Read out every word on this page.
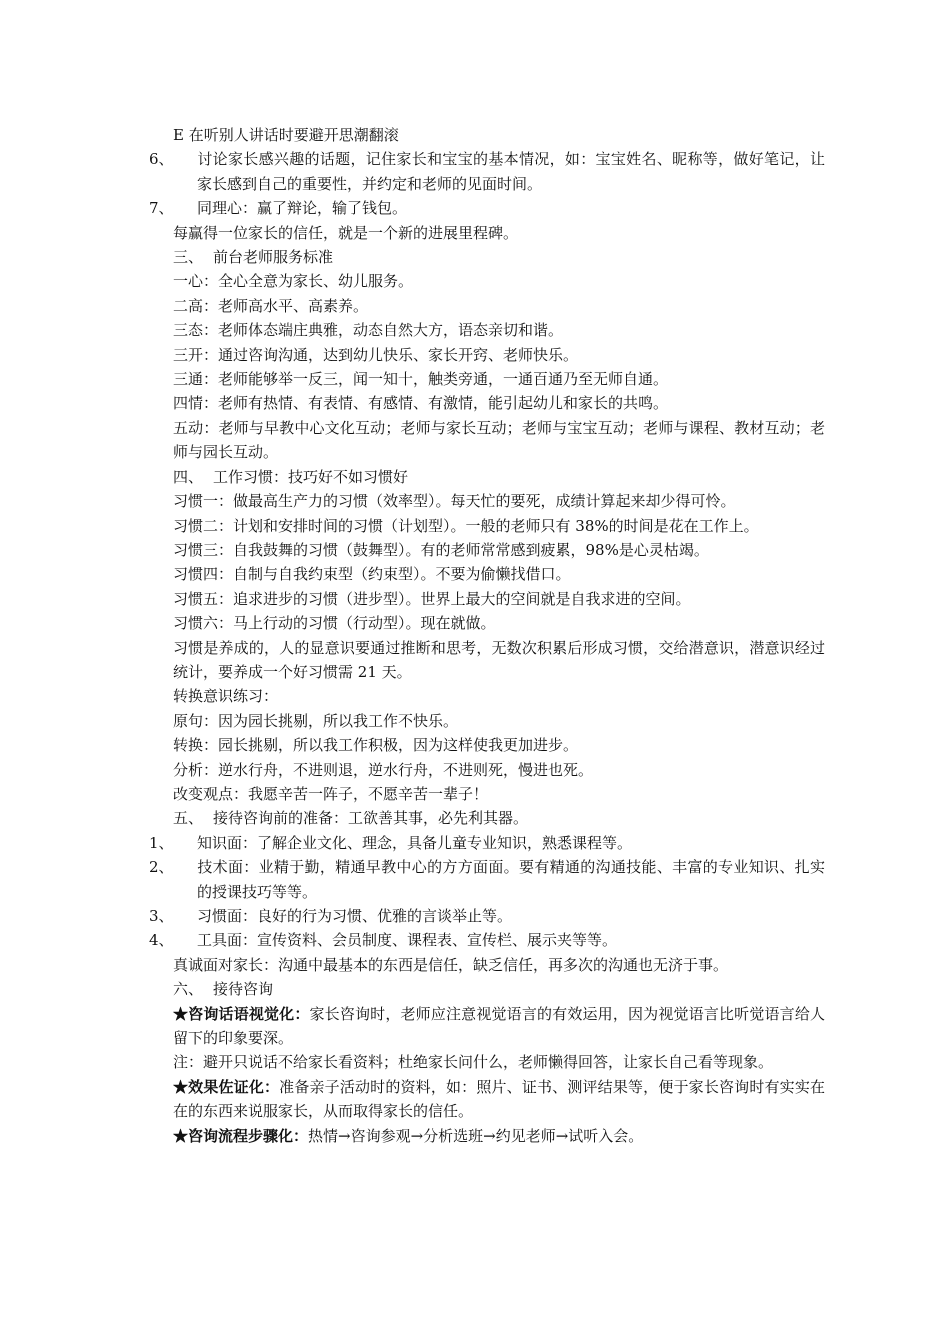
E 在听别人讲话时要避开思潮翻滚

6、 讨论家长感兴趣的话题，记住家长和宝宝的基本情况，如：宝宝姓名、昵称等，做好笔记，让家长感到自己的重要性，并约定和老师的见面时间。

7、 同理心：赢了辩论，输了钱包。

每赢得一位家长的信任，就是一个新的进展里程碑。

三、 前台老师服务标准

一心：全心全意为家长、幼儿服务。

二高：老师高水平、高素养。

三态：老师体态端庄典雅，动态自然大方，语态亲切和谐。

三开：通过咨询沟通，达到幼儿快乐、家长开窍、老师快乐。

三通：老师能够举一反三，闻一知十，触类旁通，一通百通乃至无师自通。

四情：老师有热情、有表情、有感情、有激情，能引起幼儿和家长的共鸣。

五动：老师与早教中心文化互动；老师与家长互动；老师与宝宝互动；老师与课程、教材互动；老师与园长互动。

四、 工作习惯：技巧好不如习惯好

习惯一：做最高生产力的习惯（效率型）。每天忙的要死，成绩计算起来却少得可怜。

习惯二：计划和安排时间的习惯（计划型）。一般的老师只有 38%的时间是花在工作上。

习惯三：自我鼓舞的习惯（鼓舞型）。有的老师常常感到疲累，98%是心灵枯竭。

习惯四：自制与自我约束型（约束型）。不要为偷懒找借口。

习惯五：追求进步的习惯（进步型）。世界上最大的空间就是自我求进的空间。

习惯六：马上行动的习惯（行动型）。现在就做。

习惯是养成的，人的显意识要通过推断和思考，无数次积累后形成习惯，交给潜意识，潜意识经过统计，要养成一个好习惯需 21 天。

转换意识练习：

原句：因为园长挑剔，所以我工作不快乐。

转换：园长挑剔，所以我工作积极，因为这样使我更加进步。

分析：逆水行舟，不进则退，逆水行舟，不进则死，慢进也死。

改变观点：我愿辛苦一阵子，不愿辛苦一辈子！

五、 接待咨询前的准备：工欲善其事，必先利其器。

1、 知识面：了解企业文化、理念，具备儿童专业知识，熟悉课程等。

2、 技术面：业精于勤，精通早教中心的方方面面。要有精通的沟通技能、丰富的专业知识、扎实的授课技巧等等。

3、 习惯面：良好的行为习惯、优雅的言谈举止等。

4、 工具面：宣传资料、会员制度、课程表、宣传栏、展示夹等等。

真诚面对家长：沟通中最基本的东西是信任，缺乏信任，再多次的沟通也无济于事。

六、 接待咨询

★咨询话语视觉化：家长咨询时，老师应注意视觉语言的有效运用，因为视觉语言比听觉语言给人留下的印象要深。

注：避开只说话不给家长看资料；杜绝家长问什么，老师懒得回答，让家长自己看等现象。

★效果佐证化：准备亲子活动时的资料，如：照片、证书、测评结果等，便于家长咨询时有实实在在的东西来说服家长，从而取得家长的信任。

★咨询流程步骤化：热情→咨询参观→分析选班→约见老师→试听入会。
